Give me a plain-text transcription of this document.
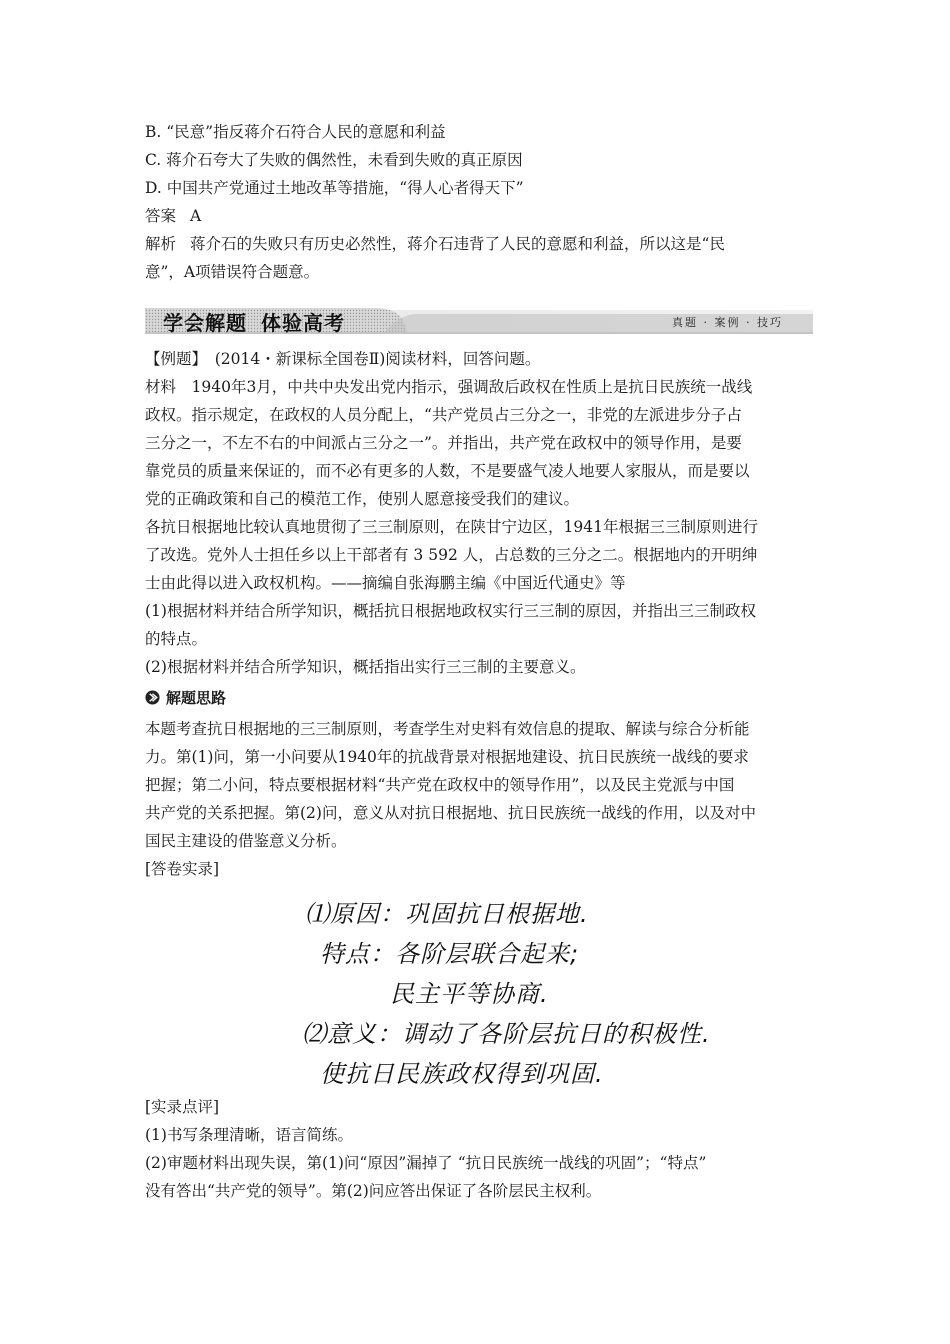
B. “民意”指反蒋介石符合人民的意愿和利益
C. 蒋介石夸大了失败的偶然性，未看到失败的真正原因
D. 中国共产党通过土地改革等措施，“得人心者得天下”
答案 A
解析 蒋介石的失败只有历史必然性，蒋介石违背了人民的意愿和利益，所以这是“民
意”，A项错误符合题意。
学会解题 体验高考	真题 · 案例 · 技巧
【例题】　(2014・新课标全国卷Ⅱ)阅读材料，回答问题。
材料　1940年3月，中共中央发出党内指示，强调敌后政权在性质上是抗日民族统一战线
政权。指示规定，在政权的人员分配上，“共产党员占三分之一，非党的左派进步分子占
三分之一，不左不右的中间派占三分之一”。并指出，共产党在政权中的领导作用，是要
靠党员的质量来保证的，而不必有更多的人数，不是要盛气凌人地要人家服从，而是要以
党的正确政策和自己的模范工作，使别人愿意接受我们的建议。
各抗日根据地比较认真地贯彻了三三制原则，在陕甘宁边区，1941年根据三三制原则进行
了改选。党外人士担任乡以上干部者有 3 592 人，占总数的三分之二。根据地内的开明绅
士由此得以进入政权机构。——摘编自张海鹏主编《中国近代通史》等
(1)根据材料并结合所学知识，概括抗日根据地政权实行三三制的原因，并指出三三制政权
的特点。
(2)根据材料并结合所学知识，概括指出实行三三制的主要意义。
解题思路
本题考查抗日根据地的三三制原则，考查学生对史料有效信息的提取、解读与综合分析能
力。第(1)问，第一小问要从1940年的抗战背景对根据地建设、抗日民族统一战线的要求
把握；第二小问，特点要根据材料“共产党在政权中的领导作用”，以及民主党派与中国
共产党的关系把握。第(2)问，意义从对抗日根据地、抗日民族统一战线的作用，以及对中
国民主建设的借鉴意义分析。
[答卷实录]
⑴原因：巩固抗日根据地.
特点：各阶层联合起来;
民主平等协商.
⑵意义：调动了各阶层抗日的积极性.
使抗日民族政权得到巩固.
[实录点评]
(1)书写条理清晰，语言简练。
(2)审题材料出现失误，第(1)问“原因”漏掉了 “抗日民族统一战线的巩固”；“特点”
没有答出“共产党的领导”。第(2)问应答出保证了各阶层民主权利。
